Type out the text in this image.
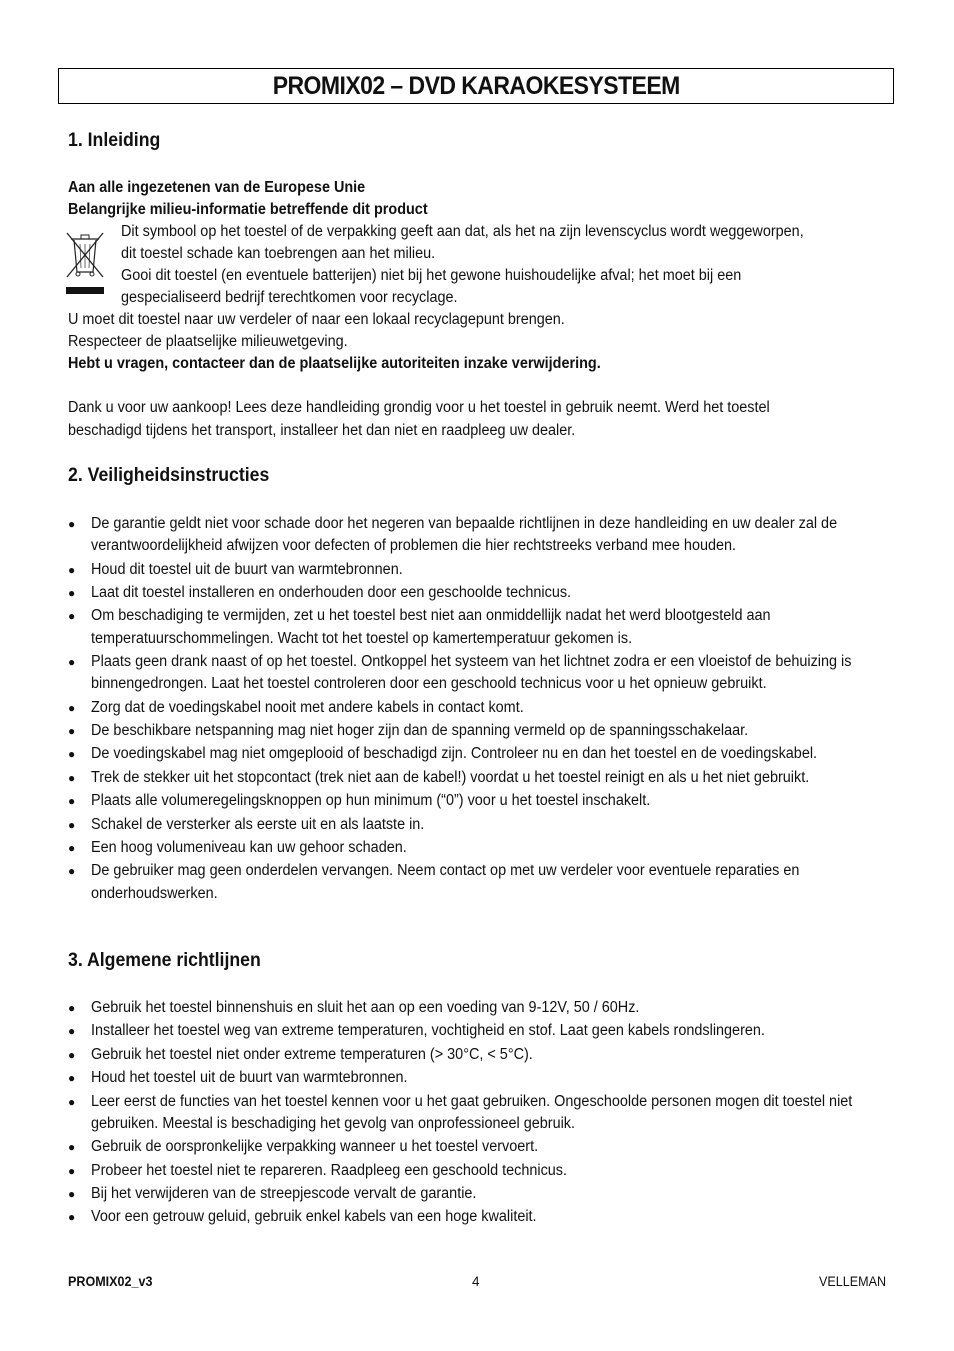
PROMIX02 – DVD KARAOKESYSTEEM
1. Inleiding
Aan alle ingezetenen van de Europese Unie
Belangrijke milieu-informatie betreffende dit product
Dit symbool op het toestel of de verpakking geeft aan dat, als het na zijn levenscyclus wordt weggeworpen,
dit toestel schade kan toebrengen aan het milieu.
Gooi dit toestel (en eventuele batterijen) niet bij het gewone huishoudelijke afval; het moet bij een
gespecialiseerd bedrijf terechtkomen voor recyclage.
U moet dit toestel naar uw verdeler of naar een lokaal recyclagepunt brengen.
Respecteer de plaatselijke milieuwetgeving.
Hebt u vragen, contacteer dan de plaatselijke autoriteiten inzake verwijdering.
Dank u voor uw aankoop! Lees deze handleiding grondig voor u het toestel in gebruik neemt. Werd het toestel
beschadigd tijdens het transport, installeer het dan niet en raadpleeg uw dealer.
2. Veiligheidsinstructies
● De garantie geldt niet voor schade door het negeren van bepaalde richtlijnen in deze handleiding en uw dealer zal de verantwoordelijkheid afwijzen voor defecten of problemen die hier rechtstreeks verband mee houden.
● Houd dit toestel uit de buurt van warmtebronnen.
● Laat dit toestel installeren en onderhouden door een geschoolde technicus.
● Om beschadiging te vermijden, zet u het toestel best niet aan onmiddellijk nadat het werd blootgesteld aan temperatuurschommelingen. Wacht tot het toestel op kamertemperatuur gekomen is.
● Plaats geen drank naast of op het toestel. Ontkoppel het systeem van het lichtnet zodra er een vloeistof de behuizing is binnengedrongen. Laat het toestel controleren door een geschoold technicus voor u het opnieuw gebruikt.
● Zorg dat de voedingskabel nooit met andere kabels in contact komt.
● De beschikbare netspanning mag niet hoger zijn dan de spanning vermeld op de spanningsschakelaar.
● De voedingskabel mag niet omgeplooid of beschadigd zijn. Controleer nu en dan het toestel en de voedingskabel.
● Trek de stekker uit het stopcontact (trek niet aan de kabel!) voordat u het toestel reinigt en als u het niet gebruikt.
● Plaats alle volumeregelingsknoppen op hun minimum (“0”) voor u het toestel inschakelt.
● Schakel de versterker als eerste uit en als laatste in.
● Een hoog volumeniveau kan uw gehoor schaden.
● De gebruiker mag geen onderdelen vervangen. Neem contact op met uw verdeler voor eventuele reparaties en onderhoudswerken.
3. Algemene richtlijnen
● Gebruik het toestel binnenshuis en sluit het aan op een voeding van 9-12V, 50 / 60Hz.
● Installeer het toestel weg van extreme temperaturen, vochtigheid en stof. Laat geen kabels rondslingeren.
● Gebruik het toestel niet onder extreme temperaturen (> 30°C, < 5°C).
● Houd het toestel uit de buurt van warmtebronnen.
● Leer eerst de functies van het toestel kennen voor u het gaat gebruiken. Ongeschoolde personen mogen dit toestel niet gebruiken. Meestal is beschadiging het gevolg van onprofessioneel gebruik.
● Gebruik de oorspronkelijke verpakking wanneer u het toestel vervoert.
● Probeer het toestel niet te repareren. Raadpleeg een geschoold technicus.
● Bij het verwijderen van de streepjescode vervalt de garantie.
● Voor een getrouw geluid, gebruik enkel kabels van een hoge kwaliteit.
PROMIX02_v3	4	VELLEMAN
